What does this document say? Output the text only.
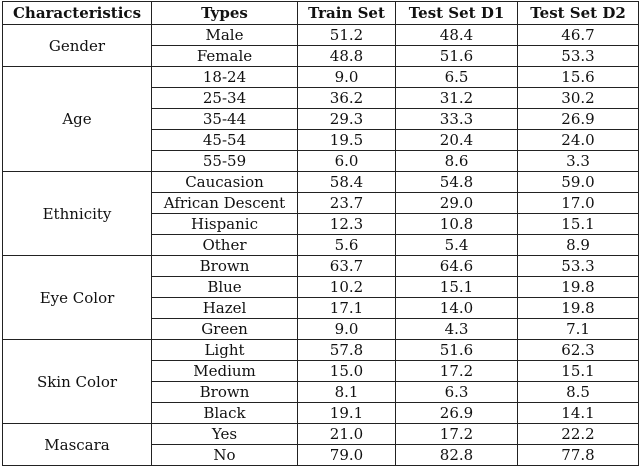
Characteristics	Types	Train Set	Test Set D1	Test Set D2
Gender	Male	51.2	48.4	46.7
	Female	48.8	51.6	53.3
Age	18-24	9.0	6.5	15.6
	25-34	36.2	31.2	30.2
	35-44	29.3	33.3	26.9
	45-54	19.5	20.4	24.0
	55-59	6.0	8.6	3.3
Ethnicity	Caucasion	58.4	54.8	59.0
	African Descent	23.7	29.0	17.0
	Hispanic	12.3	10.8	15.1
	Other	5.6	5.4	8.9
Eye Color	Brown	63.7	64.6	53.3
	Blue	10.2	15.1	19.8
	Hazel	17.1	14.0	19.8
	Green	9.0	4.3	7.1
Skin Color	Light	57.8	51.6	62.3
	Medium	15.0	17.2	15.1
	Brown	8.1	6.3	8.5
	Black	19.1	26.9	14.1
Mascara	Yes	21.0	17.2	22.2
	No	79.0	82.8	77.8
